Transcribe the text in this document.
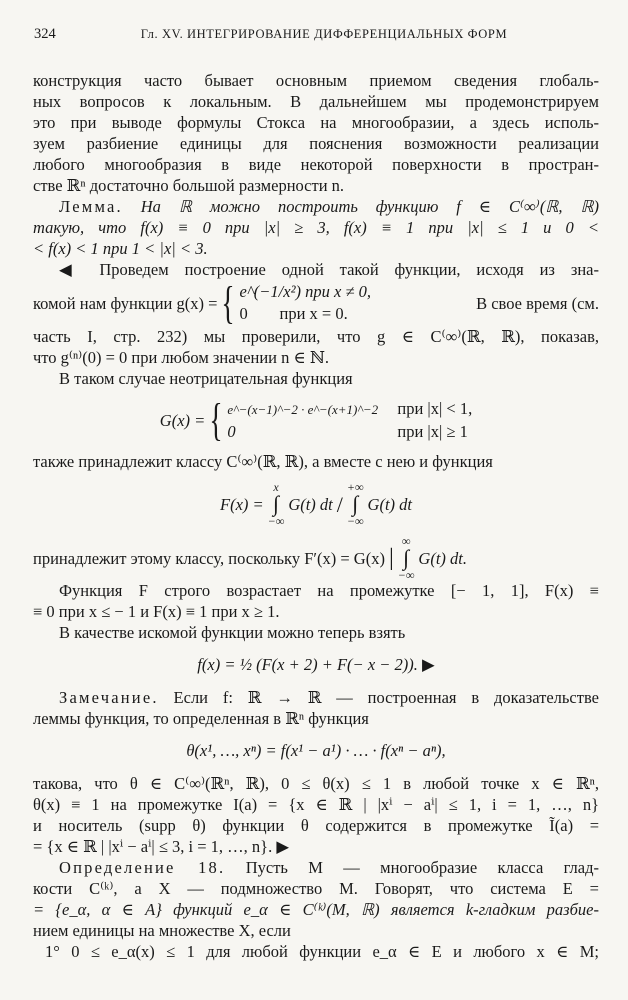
324	Гл. XV. ИНТЕГРИРОВАНИЕ ДИФФЕРЕНЦИАЛЬНЫХ ФОРМ

конструкция часто бывает основным приемом сведения глобаль-
ных вопросов к локальным. В дальнейшем мы продемонстрируем
это при выводе формулы Стокса на многообразии, а здесь исполь-
зуем разбиение единицы для пояснения возможности реализации
любого многообразия в виде некоторой поверхности в простран-
стве ℝⁿ достаточно большой размерности n.

Лемма. На ℝ можно построить функцию f ∈ C⁽∞⁾(ℝ, ℝ)
такую, что f(x) ≡ 0 при |x| ≥ 3, f(x) ≡ 1 при |x| ≤ 1 и 0 <
< f(x) < 1 при 1 < |x| < 3.

◀ Проведем построение одной такой функции, исходя из зна-

комой нам функции g(x) = { e^(−1/x²) при x ≠ 0,
0 при x = 0.
В свое время (см.

часть I, стр. 232) мы проверили, что g ∈ C⁽∞⁾(ℝ, ℝ), показав,
что g⁽ⁿ⁾(0) = 0 при любом значении n ∈ ℕ.
В таком случае неотрицательная функция

G(x) = { e^−(x−1)^−2 · e^−(x+1)^−2 при |x| < 1,
0	при |x| ≥ 1

также принадлежит классу C⁽∞⁾(ℝ, ℝ), а вместе с нею и функция

F(x) =
x
∫
−∞
G(t) dt /
+∞
∫
−∞
G(t) dt
принадлежит этому классу, поскольку F′(x) = G(x) |
∞
∫
−∞
G(t) dt.

Функция F строго возрастает на промежутке [− 1, 1], F(x) ≡
≡ 0 при x ≤ − 1 и F(x) ≡ 1 при x ≥ 1.
В качестве искомой функции можно теперь взять

f(x) = ½ (F(x + 2) + F(− x − 2)). ▶

Замечание. Если f: ℝ → ℝ — построенная в доказательстве
леммы функция, то определенная в ℝⁿ функция

θ(x¹, …, xⁿ) = f(x¹ − a¹) · … · f(xⁿ − aⁿ),

такова, что θ ∈ C⁽∞⁾(ℝⁿ, ℝ), 0 ≤ θ(x) ≤ 1 в любой точке x ∈ ℝⁿ,
θ(x) ≡ 1 на промежутке I(a) = {x ∈ ℝ | |xⁱ − aⁱ| ≤ 1, i = 1, …, n}
и носитель (supp θ) функции θ содержится в промежутке Ĩ(a) =
= {x ∈ ℝ | |xⁱ − aⁱ| ≤ 3, i = 1, …, n}. ▶

Определение 18. Пусть M — многообразие класса глад-
кости C⁽ᵏ⁾, а X — подмножество M. Говорят, что система E =
= {e_α, α ∈ A} функций e_α ∈ C⁽ᵏ⁾(M, ℝ) является k-гладким разбие-
нием единицы на множестве X, если
1° 0 ≤ e_α(x) ≤ 1 для любой функции e_α ∈ E и любого x ∈ M;
